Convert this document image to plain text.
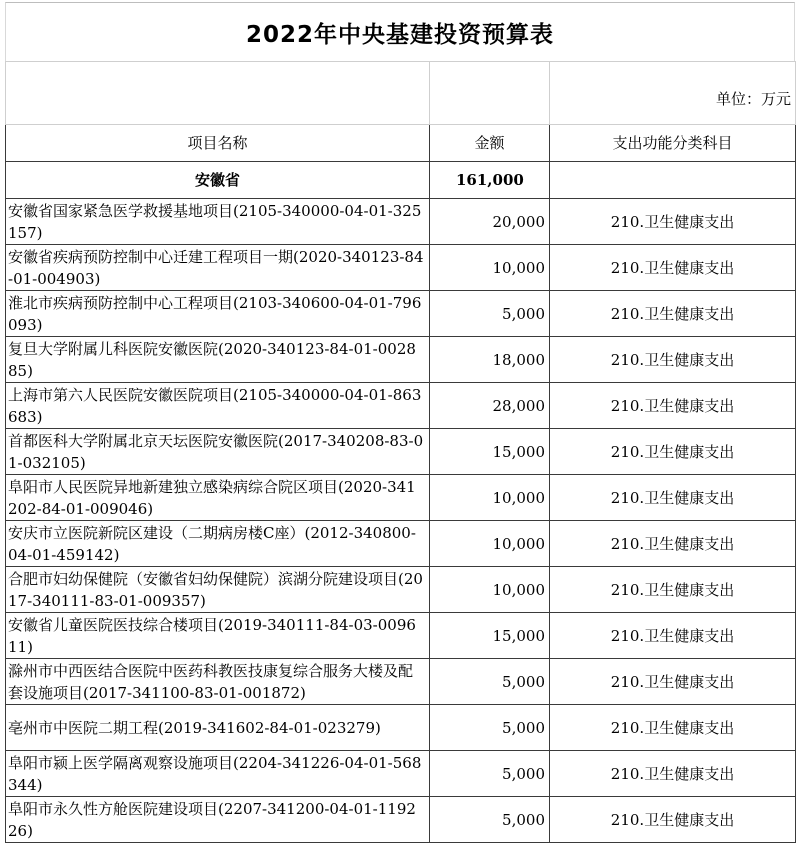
2022年中央基建投资预算表
		单位：万元
项目名称	金额	支出功能分类科目
安徽省	161,000	
安徽省国家紧急医学救援基地项目(2105-340000-04-01-325157)	20,000	210.卫生健康支出
安徽省疾病预防控制中心迁建工程项目一期(2020-340123-84-01-004903)	10,000	210.卫生健康支出
淮北市疾病预防控制中心工程项目(2103-340600-04-01-796093)	5,000	210.卫生健康支出
复旦大学附属儿科医院安徽医院(2020-340123-84-01-002885)	18,000	210.卫生健康支出
上海市第六人民医院安徽医院项目(2105-340000-04-01-863683)	28,000	210.卫生健康支出
首都医科大学附属北京天坛医院安徽医院(2017-340208-83-01-032105)	15,000	210.卫生健康支出
阜阳市人民医院异地新建独立感染病综合院区项目(2020-341202-84-01-009046)	10,000	210.卫生健康支出
安庆市立医院新院区建设（二期病房楼C座）(2012-340800-04-01-459142)	10,000	210.卫生健康支出
合肥市妇幼保健院（安徽省妇幼保健院）滨湖分院建设项目(2017-340111-83-01-009357)	10,000	210.卫生健康支出
安徽省儿童医院医技综合楼项目(2019-340111-84-03-009611)	15,000	210.卫生健康支出
滁州市中西医结合医院中医药科教医技康复综合服务大楼及配套设施项目(2017-341100-83-01-001872)	5,000	210.卫生健康支出
亳州市中医院二期工程(2019-341602-84-01-023279)	5,000	210.卫生健康支出
阜阳市颍上医学隔离观察设施项目(2204-341226-04-01-568344)	5,000	210.卫生健康支出
阜阳市永久性方舱医院建设项目(2207-341200-04-01-119226)	5,000	210.卫生健康支出
